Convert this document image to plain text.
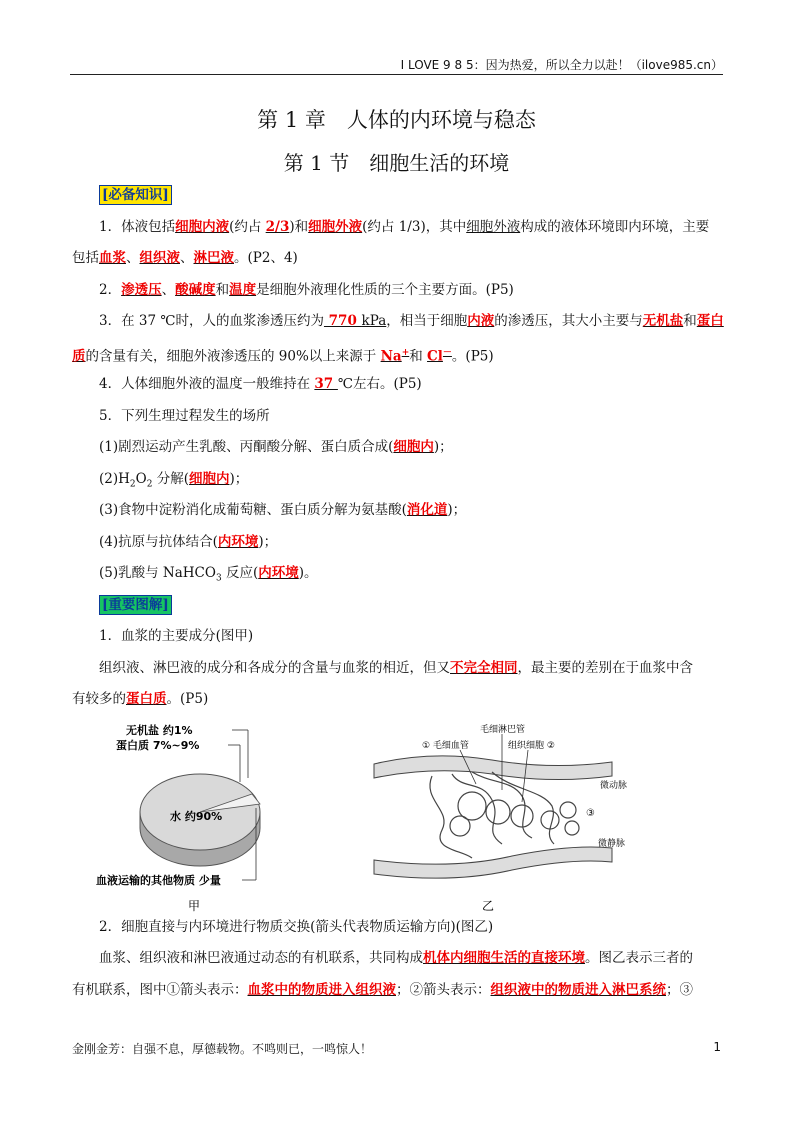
I LOVE 9 8 5：因为热爱，所以全力以赴！（ilove985.cn）
第 1 章　人体的内环境与稳态
第 1 节　细胞生活的环境
[必备知识]
1．体液包括细胞内液(约占 2/3)和细胞外液(约占 1/3)，其中细胞外液构成的液体环境即内环境，主要
包括血浆、组织液、淋巴液。(P2、4)
2．渗透压、酸碱度和温度是细胞外液理化性质的三个主要方面。(P5)
3．在 37 ℃时，人的血浆渗透压约为 770 kPa，相当于细胞内液的渗透压，其大小主要与无机盐和蛋白
质的含量有关，细胞外液渗透压的 90%以上来源于 Na+和 Cl－。(P5)
4．人体细胞外液的温度一般维持在 37 ℃左右。(P5)
5．下列生理过程发生的场所
(1)剧烈运动产生乳酸、丙酮酸分解、蛋白质合成(细胞内)；
$(2)H_2O_2$ 分解(细胞内)；
(3)食物中淀粉消化成葡萄糖、蛋白质分解为氨基酸(消化道)；
(4)抗原与抗体结合(内环境)；
(5)乳酸与 NaHCO$_3$ 反应(内环境)。
[重要图解]
1．血浆的主要成分(图甲)
组织液、淋巴液的成分和各成分的含量与血浆的相近，但又不完全相同，最主要的差别在于血浆中含
有较多的蛋白质。(P5)
无机盐 约1%
蛋白质 7%~9%
水 约90%
血液运输的其他物质 少量
甲
毛细淋巴管
① 毛细血管	组织细胞 ②
微动脉
③
微静脉
乙
2．细胞直接与内环境进行物质交换(箭头代表物质运输方向)(图乙)
血浆、组织液和淋巴液通过动态的有机联系，共同构成机体内细胞生活的直接环境。图乙表示三者的
有机联系，图中①箭头表示：血浆中的物质进入组织液；②箭头表示：组织液中的物质进入淋巴系统；③
金刚金芳：自强不息，厚德载物。不鸣则已，一鸣惊人！	1
